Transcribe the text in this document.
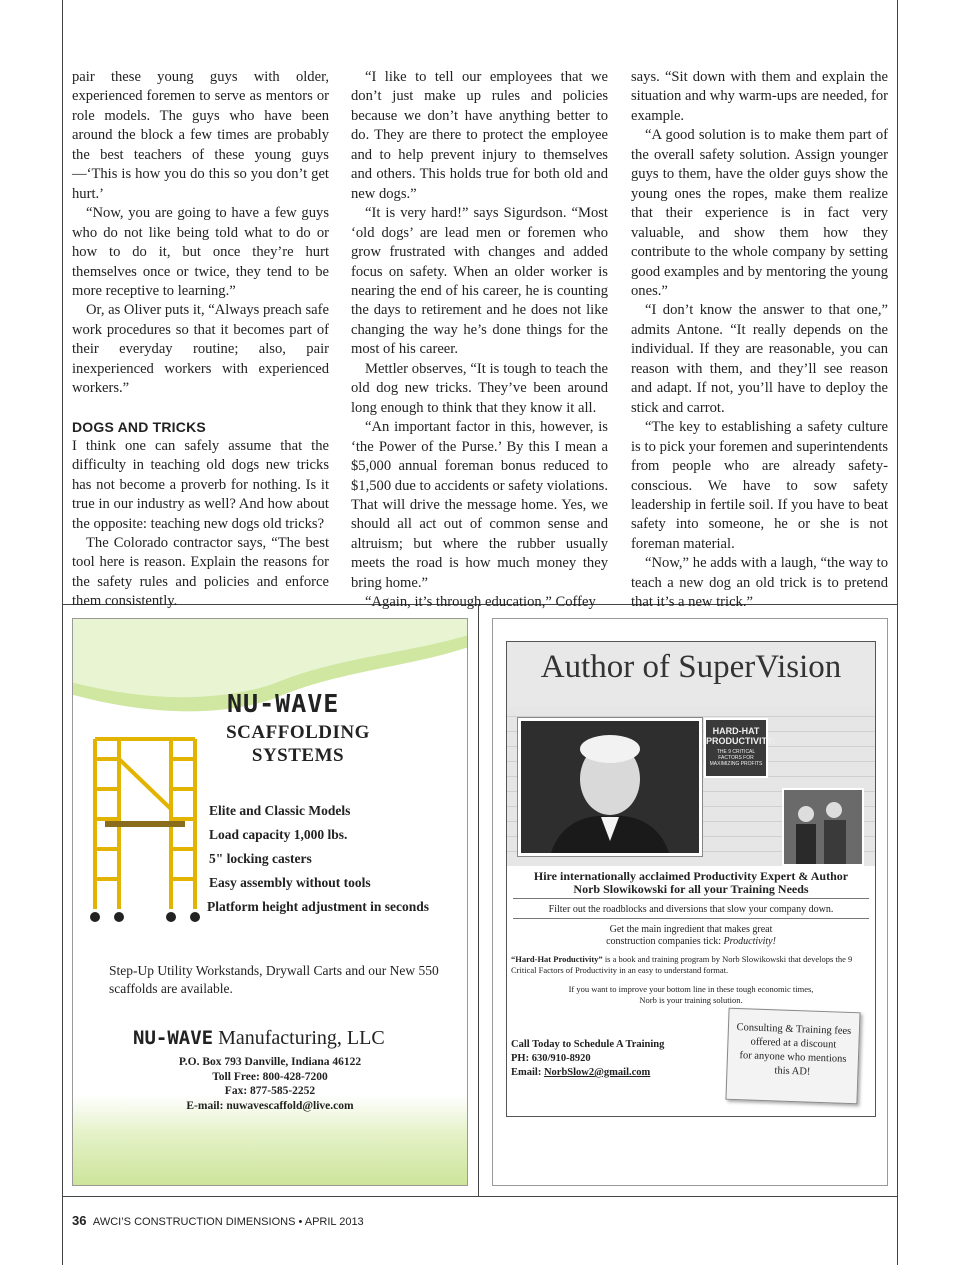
pair these young guys with older, experienced foremen to serve as mentors or role models. The guys who have been around the block a few times are probably the best teachers of these young guys—‘This is how you do this so you don’t get hurt.’

“Now, you are going to have a few guys who do not like being told what to do or how to do it, but once they’re hurt themselves once or twice, they tend to be more receptive to learning.”

Or, as Oliver puts it, “Always preach safe work procedures so that it becomes part of their everyday routine; also, pair inexperienced workers with experienced workers.”

DOGS AND TRICKS

I think one can safely assume that the difficulty in teaching old dogs new tricks has not become a proverb for nothing. Is it true in our industry as well? And how about the opposite: teaching new dogs old tricks?

The Colorado contractor says, “The best tool here is reason. Explain the reasons for the safety rules and policies and enforce them consistently.

“I like to tell our employees that we don’t just make up rules and policies because we don’t have anything better to do. They are there to protect the employee and to help prevent injury to themselves and others. This holds true for both old and new dogs.”

“It is very hard!” says Sigurdson. “Most ‘old dogs’ are lead men or foremen who grow frustrated with changes and added focus on safety. When an older worker is nearing the end of his career, he is counting the days to retirement and he does not like changing the way he’s done things for the most of his career.

Mettler observes, “It is tough to teach the old dog new tricks. They’ve been around long enough to think that they know it all.

“An important factor in this, however, is ‘the Power of the Purse.’ By this I mean a $5,000 annual foreman bonus reduced to $1,500 due to accidents or safety violations. That will drive the message home. Yes, we should all act out of common sense and altruism; but where the rubber usually meets the road is how much money they bring home.”

“Again, it’s through education,” Coffey

says. “Sit down with them and explain the situation and why warm-ups are needed, for example.

“A good solution is to make them part of the overall safety solution. Assign younger guys to them, have the older guys show the young ones the ropes, make them realize that their experience is in fact very valuable, and show them how they contribute to the whole company by setting good examples and by mentoring the young ones.”

“I don’t know the answer to that one,” admits Antone. “It really depends on the individual. If they are reasonable, you can reason with them, and they’ll see reason and adapt. If not, you’ll have to deploy the stick and carrot.

“The key to establishing a safety culture is to pick your foremen and superintendents from people who are already safety-conscious. We have to sow safety leadership in fertile soil. If you have to beat safety into someone, he or she is not foreman material.

“Now,” he adds with a laugh, “the way to teach a new dog an old trick is to pretend that it’s a new trick.”

NU-WAVE
SCAFFOLDING
SYSTEMS
Elite and Classic Models
Load capacity 1,000 lbs.
5" locking casters
Easy assembly without tools
Platform height adjustment in seconds
Step-Up Utility Workstands, Drywall Carts and our New 550 scaffolds are available.
NU-WAVE Manufacturing, LLC
P.O. Box 793 Danville, Indiana 46122
Toll Free: 800-428-7200
Fax: 877-585-2252
E-mail: nuwavescaffold@live.com
Author of SuperVision
HARD-HAT PRODUCTIVITY:
THE 9 CRITICAL FACTORS FOR MAXIMIZING PROFITS
Hire internationally acclaimed Productivity Expert & Author
Norb Slowikowski for all your Training Needs
Filter out the roadblocks and diversions that slow your company down.
Get the main ingredient that makes great
construction companies tick: Productivity!
“Hard-Hat Productivity” is a book and training program by Norb Slowikowski that develops the 9 Critical Factors of Productivity in an easy to understand format.
If you want to improve your bottom line in these tough economic times,
Norb is your training solution.
Call Today to Schedule A Training
PH: 630/910-8920
Email: NorbSlow2@gmail.com
Consulting & Training fees
offered at a discount
for anyone who mentions
this AD!
36 AWCI’S CONSTRUCTION DIMENSIONS • APRIL 2013
